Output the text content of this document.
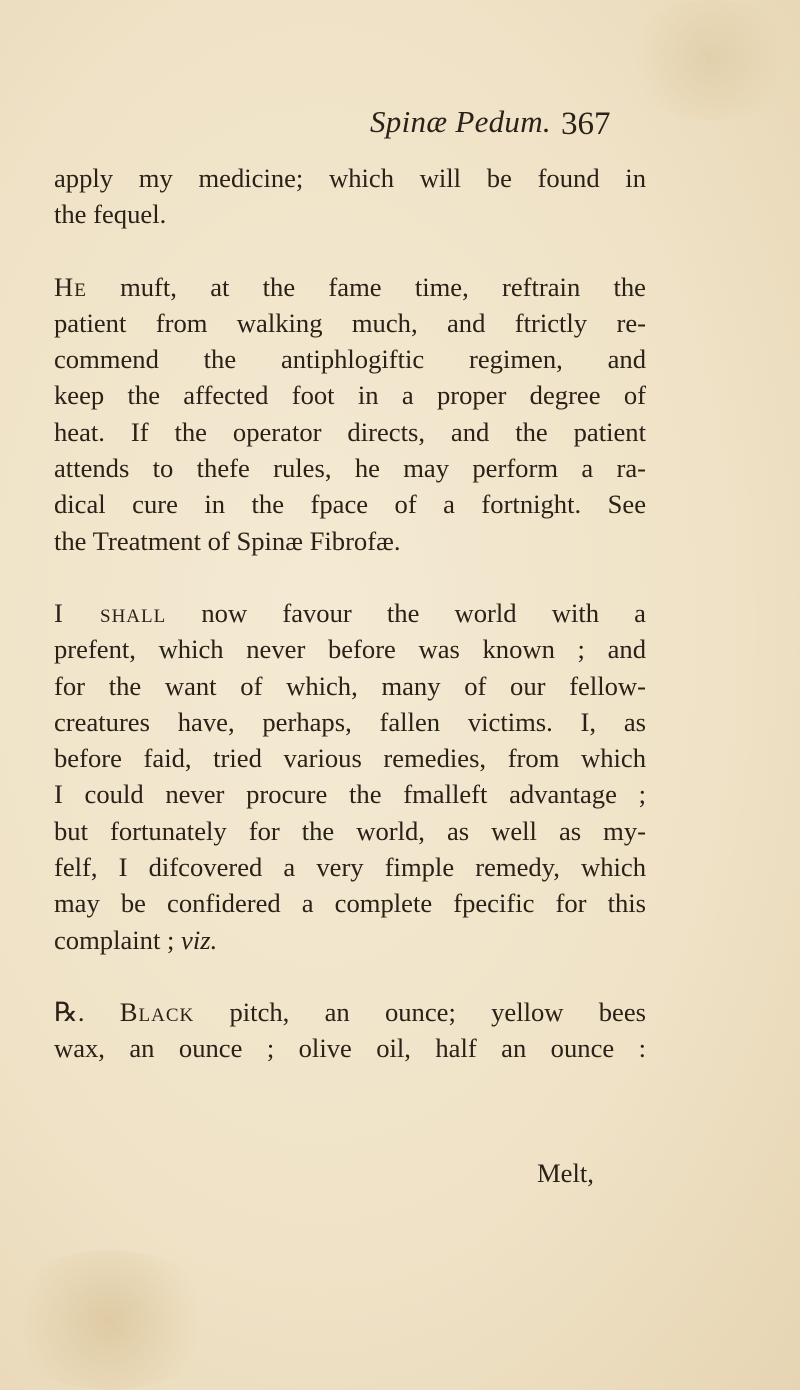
Spinæ Pedum. 367

apply my medicine; which will be found in
the fequel.

He muft, at the fame time, reftrain the
patient from walking much, and ftrictly re-
commend the antiphlogiftic regimen, and
keep the affected foot in a proper degree of
heat. If the operator directs, and the patient
attends to thefe rules, he may perform a ra-
dical cure in the fpace of a fortnight. See
the Treatment of Spinæ Fibrofæ.

I shall now favour the world with a
prefent, which never before was known ; and
for the want of which, many of our fellow-
creatures have, perhaps, fallen victims. I, as
before faid, tried various remedies, from which
I could never procure the fmalleft advantage ;
but fortunately for the world, as well as my-
felf, I difcovered a very fimple remedy, which
may be confidered a complete fpecific for this
complaint ; viz.

℞. Black pitch, an ounce; yellow bees
wax, an ounce ; olive oil, half an ounce :

Melt,
